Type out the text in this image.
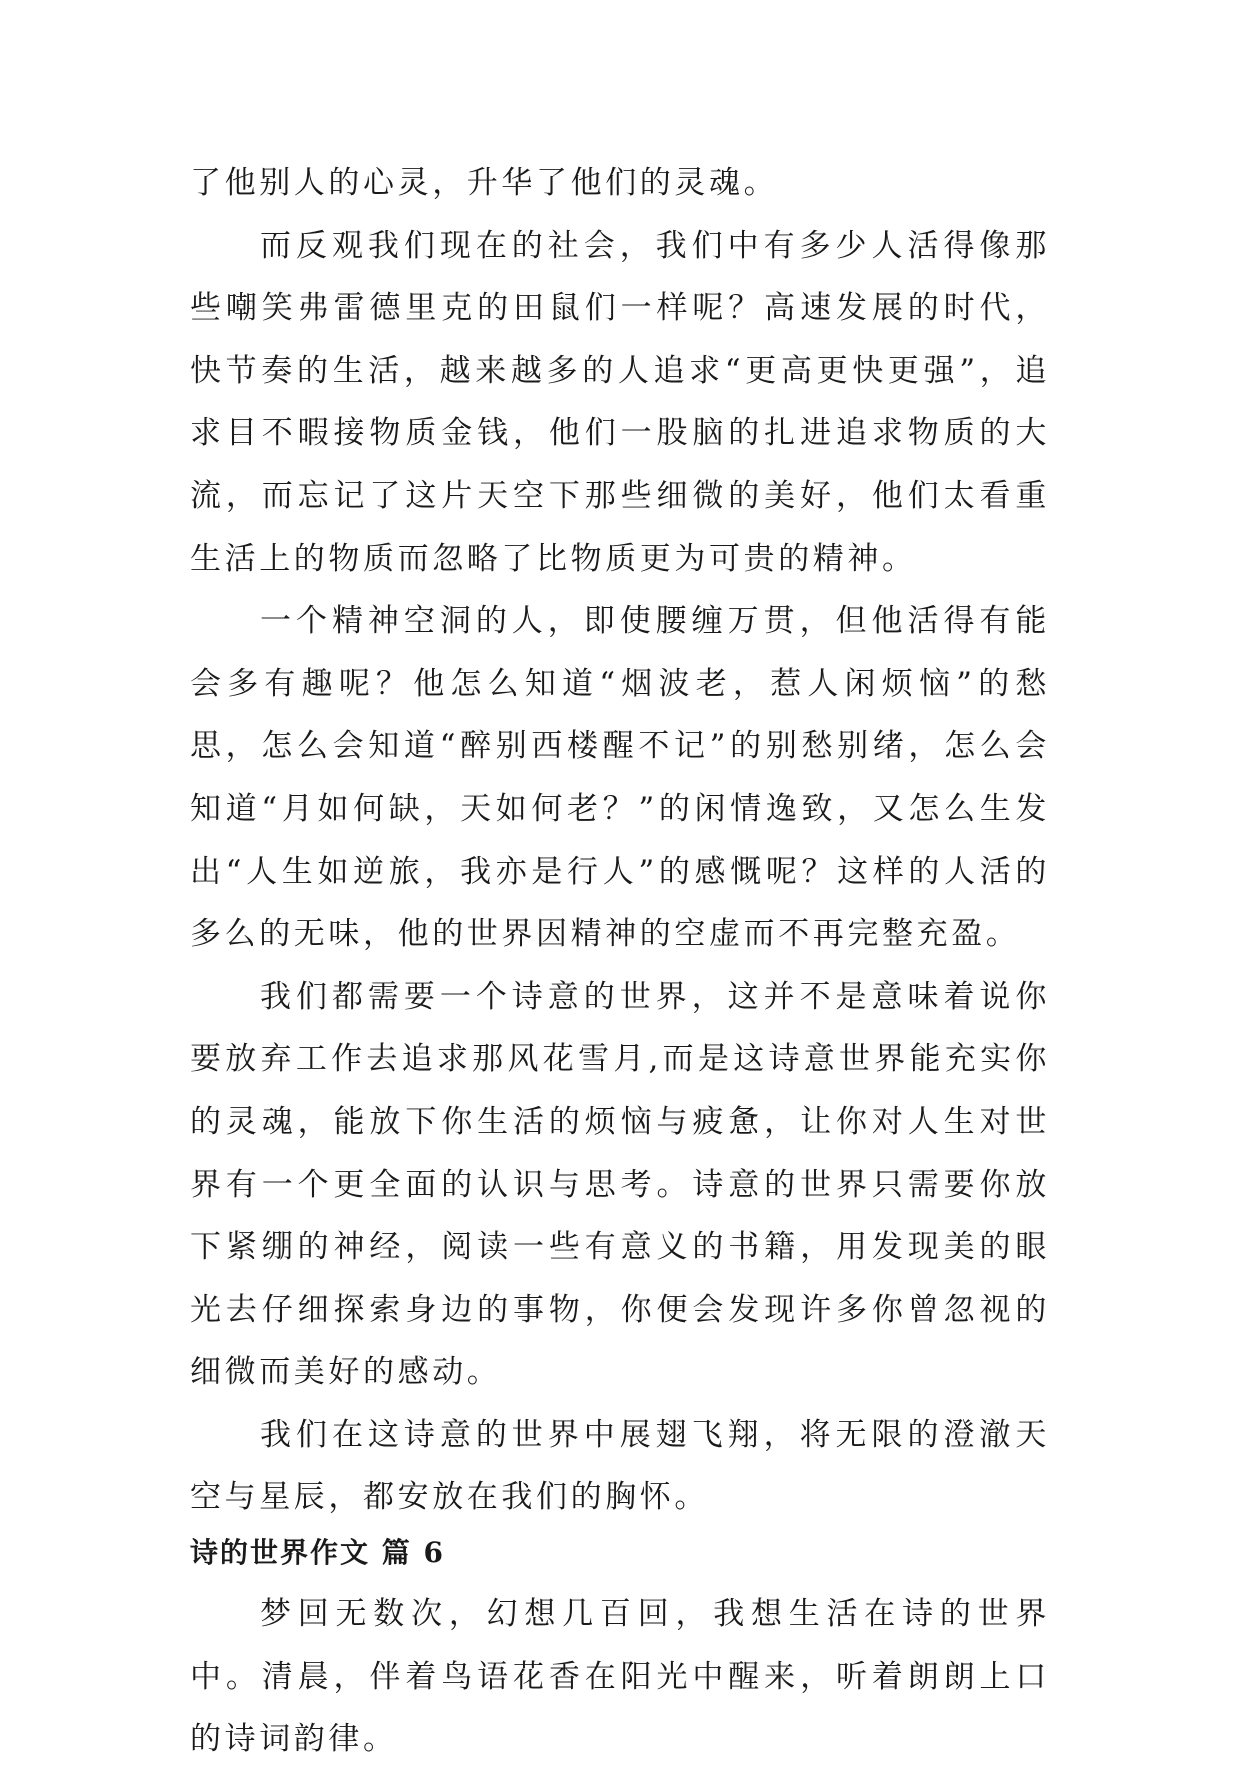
了他别人的心灵，升华了他们的灵魂。

而反观我们现在的社会，我们中有多少人活得像那些嘲笑弗雷德里克的田鼠们一样呢？高速发展的时代，快节奏的生活，越来越多的人追求“更高更快更强”，追求目不暇接物质金钱，他们一股脑的扎进追求物质的大流，而忘记了这片天空下那些细微的美好，他们太看重生活上的物质而忽略了比物质更为可贵的精神。

一个精神空洞的人，即使腰缠万贯，但他活得有能会多有趣呢？他怎么知道“烟波老，惹人闲烦恼”的愁思，怎么会知道“醉别西楼醒不记”的别愁别绪，怎么会知道“月如何缺，天如何老？”的闲情逸致，又怎么生发出“人生如逆旅，我亦是行人”的感慨呢？这样的人活的多么的无味，他的世界因精神的空虚而不再完整充盈。

我们都需要一个诗意的世界，这并不是意味着说你要放弃工作去追求那风花雪月,而是这诗意世界能充实你的灵魂，能放下你生活的烦恼与疲惫，让你对人生对世界有一个更全面的认识与思考。诗意的世界只需要你放下紧绷的神经，阅读一些有意义的书籍，用发现美的眼光去仔细探索身边的事物，你便会发现许多你曾忽视的细微而美好的感动。

我们在这诗意的世界中展翅飞翔，将无限的澄澈天空与星辰，都安放在我们的胸怀。

诗的世界作文 篇 6

梦回无数次，幻想几百回，我想生活在诗的世界中。清晨，伴着鸟语花香在阳光中醒来，听着朗朗上口的诗词韵律。
